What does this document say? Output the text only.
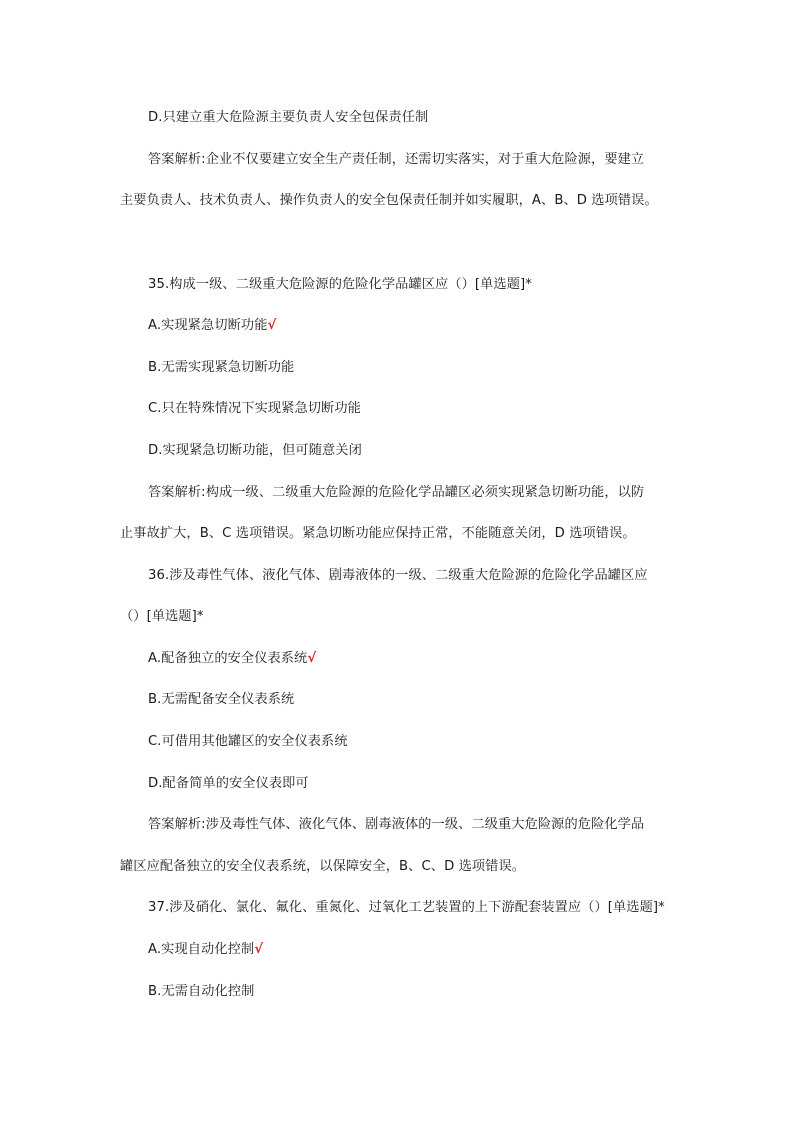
D.只建立重大危险源主要负责人安全包保责任制
答案解析:企业不仅要建立安全生产责任制，还需切实落实，对于重大危险源，要建立
主要负责人、技术负责人、操作负责人的安全包保责任制并如实履职，A、B、D 选项错误。
35.构成一级、二级重大危险源的危险化学品罐区应（）[单选题]*
A.实现紧急切断功能√
B.无需实现紧急切断功能
C.只在特殊情况下实现紧急切断功能
D.实现紧急切断功能，但可随意关闭
答案解析:构成一级、二级重大危险源的危险化学品罐区必须实现紧急切断功能，以防
止事故扩大，B、C 选项错误。紧急切断功能应保持正常，不能随意关闭，D 选项错误。
36.涉及毒性气体、液化气体、剧毒液体的一级、二级重大危险源的危险化学品罐区应
（）[单选题]*
A.配备独立的安全仪表系统√
B.无需配备安全仪表系统
C.可借用其他罐区的安全仪表系统
D.配备简单的安全仪表即可
答案解析:涉及毒性气体、液化气体、剧毒液体的一级、二级重大危险源的危险化学品
罐区应配备独立的安全仪表系统，以保障安全，B、C、D 选项错误。
37.涉及硝化、氯化、氟化、重氮化、过氧化工艺装置的上下游配套装置应（）[单选题]*
A.实现自动化控制√
B.无需自动化控制
